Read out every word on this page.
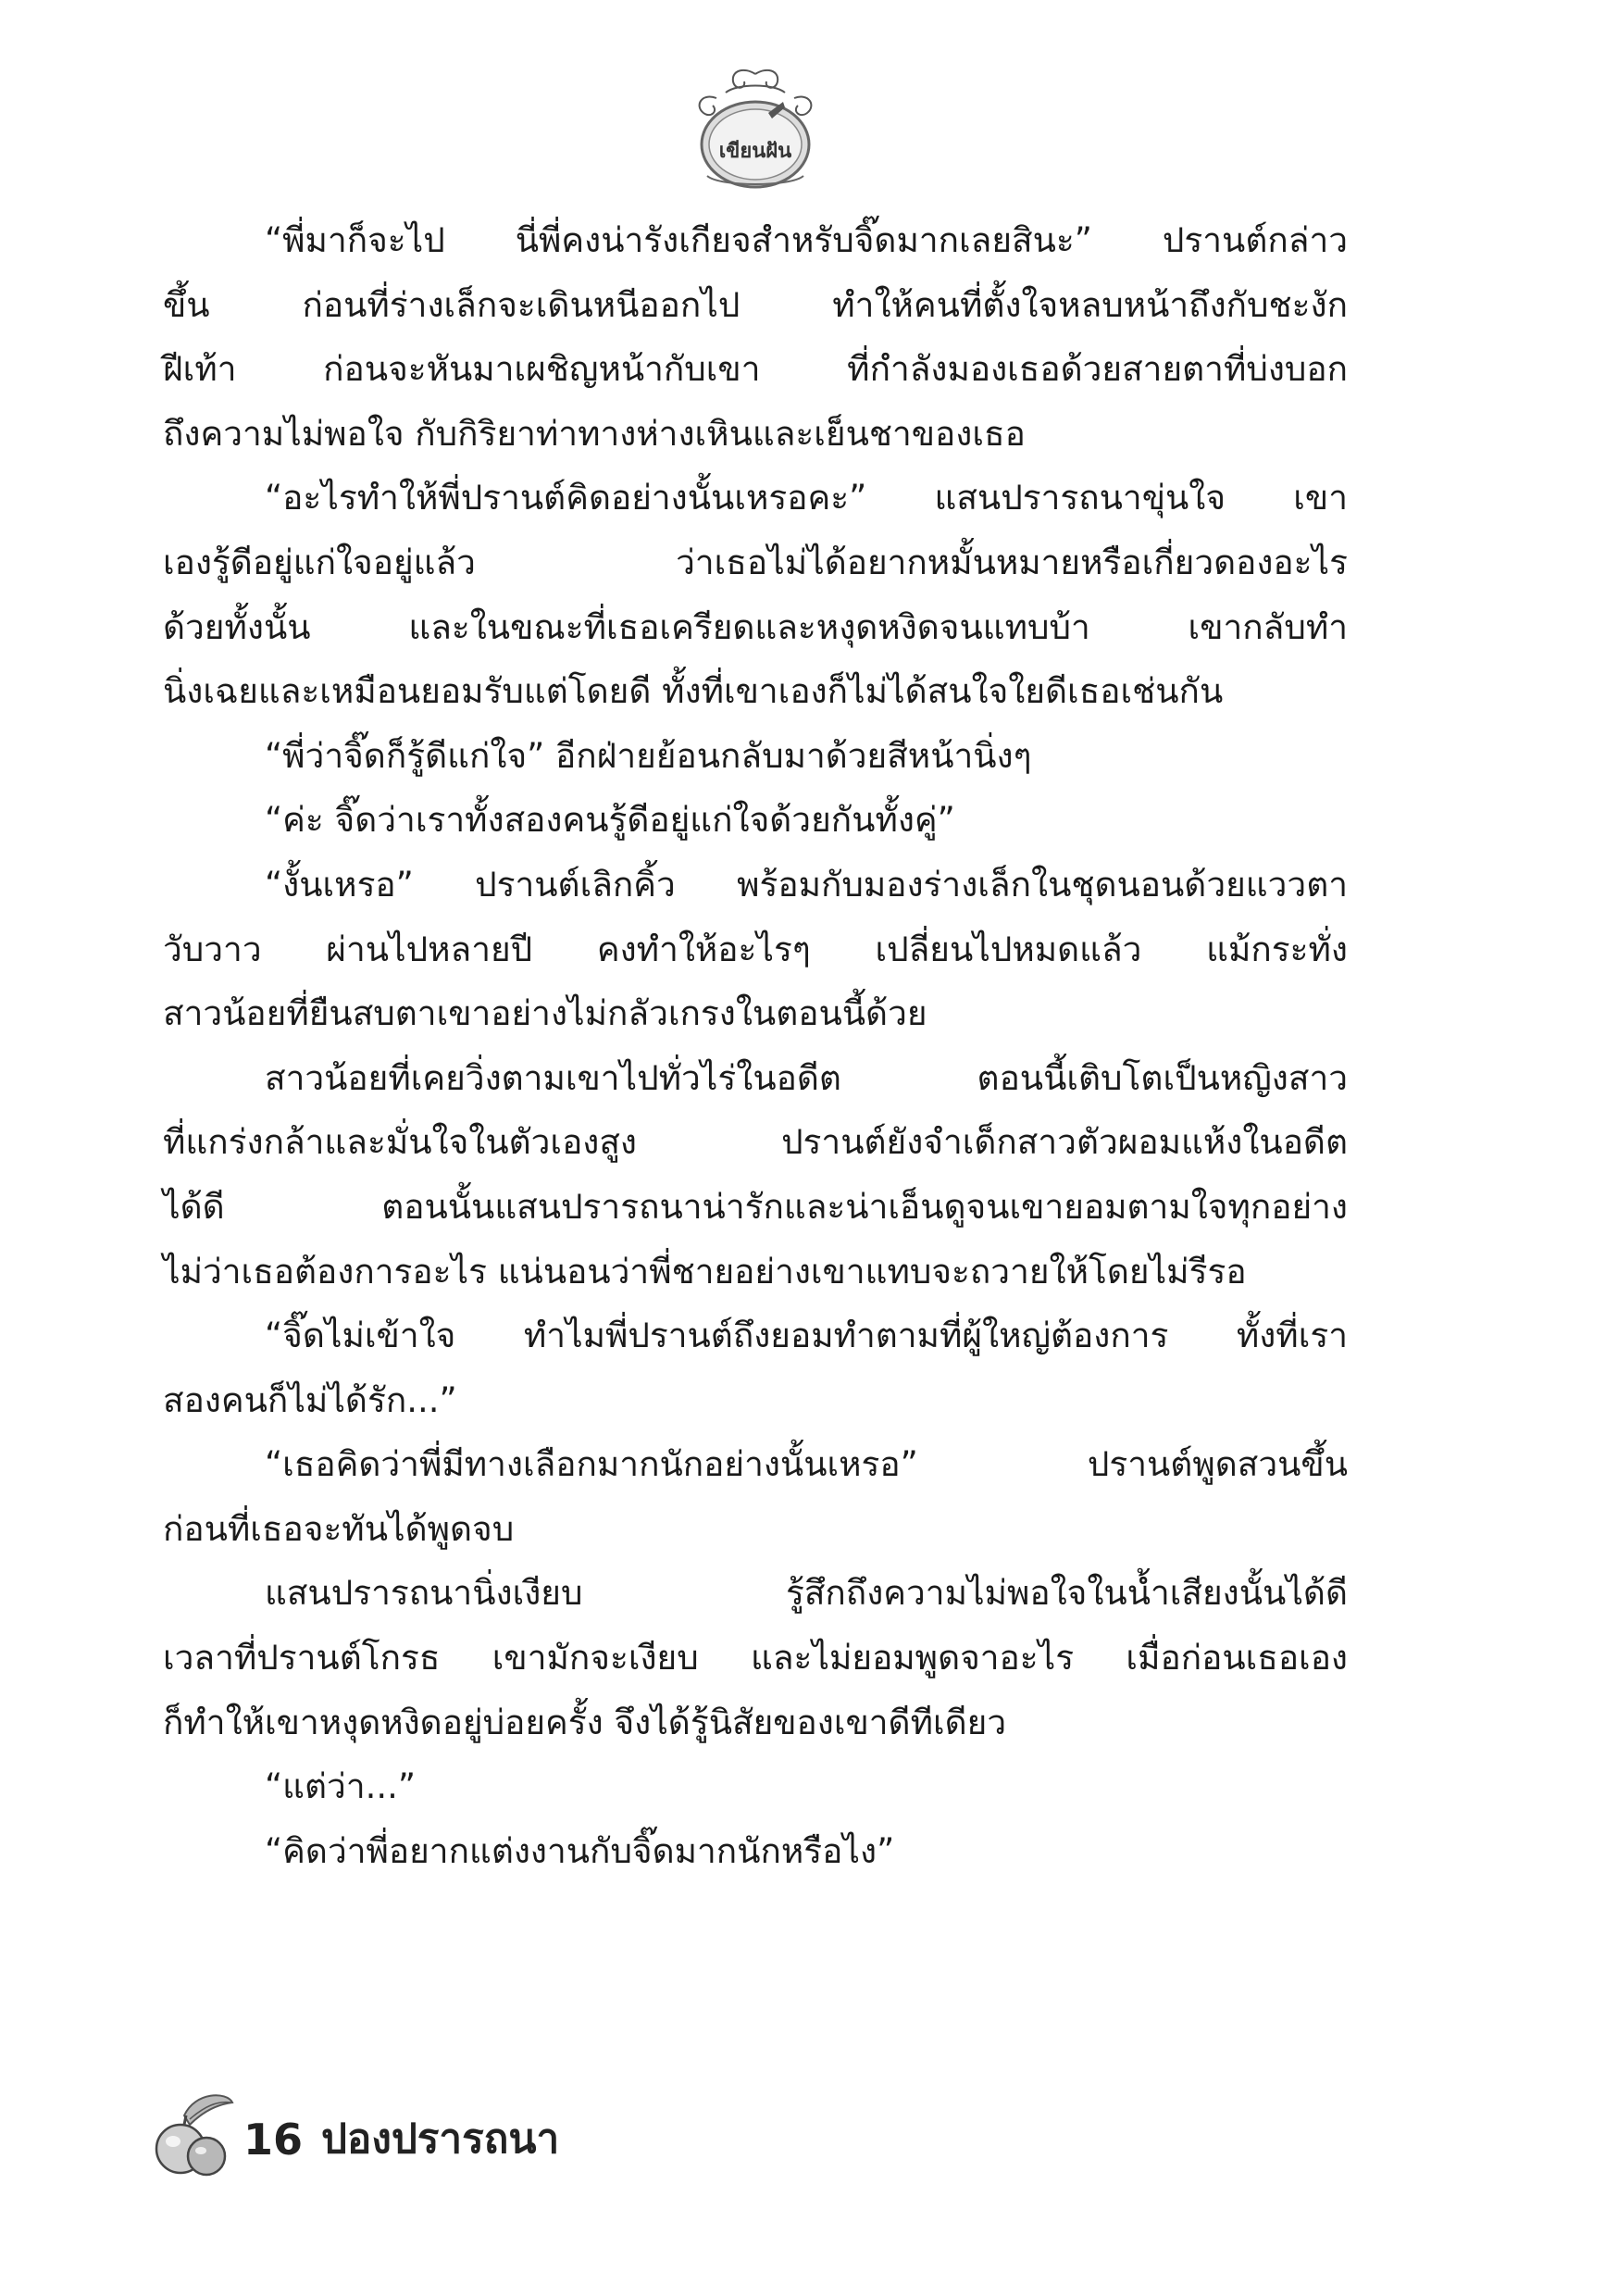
เขียนฝัน
“พี่มาก็จะไป นี่พี่คงน่ารังเกียจสำหรับจิ๊ดมากเลยสินะ” ปรานต์กล่าว
ขึ้น ก่อนที่ร่างเล็กจะเดินหนีออกไป ทำให้คนที่ตั้งใจหลบหน้าถึงกับชะงัก
ฝีเท้า ก่อนจะหันมาเผชิญหน้ากับเขา ที่กำลังมองเธอด้วยสายตาที่บ่งบอก
ถึงความไม่พอใจ กับกิริยาท่าทางห่างเหินและเย็นชาของเธอ
“อะไรทำให้พี่ปรานต์คิดอย่างนั้นเหรอคะ” แสนปรารถนาขุ่นใจ เขา
เองรู้ดีอยู่แก่ใจอยู่แล้ว ว่าเธอไม่ได้อยากหมั้นหมายหรือเกี่ยวดองอะไร
ด้วยทั้งนั้น และในขณะที่เธอเครียดและหงุดหงิดจนแทบบ้า เขากลับทำ
นิ่งเฉยและเหมือนยอมรับแต่โดยดี ทั้งที่เขาเองก็ไม่ได้สนใจใยดีเธอเช่นกัน
“พี่ว่าจิ๊ดก็รู้ดีแก่ใจ” อีกฝ่ายย้อนกลับมาด้วยสีหน้านิ่งๆ
“ค่ะ จิ๊ดว่าเราทั้งสองคนรู้ดีอยู่แก่ใจด้วยกันทั้งคู่”
“งั้นเหรอ” ปรานต์เลิกคิ้ว พร้อมกับมองร่างเล็กในชุดนอนด้วยแววตา
วับวาว ผ่านไปหลายปี คงทำให้อะไรๆ เปลี่ยนไปหมดแล้ว แม้กระทั่ง
สาวน้อยที่ยืนสบตาเขาอย่างไม่กลัวเกรงในตอนนี้ด้วย
สาวน้อยที่เคยวิ่งตามเขาไปทั่วไร่ในอดีต ตอนนี้เติบโตเป็นหญิงสาว
ที่แกร่งกล้าและมั่นใจในตัวเองสูง ปรานต์ยังจำเด็กสาวตัวผอมแห้งในอดีต
ได้ดี ตอนนั้นแสนปรารถนาน่ารักและน่าเอ็นดูจนเขายอมตามใจทุกอย่าง
ไม่ว่าเธอต้องการอะไร แน่นอนว่าพี่ชายอย่างเขาแทบจะถวายให้โดยไม่รีรอ
“จิ๊ดไม่เข้าใจ ทำไมพี่ปรานต์ถึงยอมทำตามที่ผู้ใหญ่ต้องการ ทั้งที่เรา
สองคนก็ไม่ได้รัก...”
“เธอคิดว่าพี่มีทางเลือกมากนักอย่างนั้นเหรอ” ปรานต์พูดสวนขึ้น
ก่อนที่เธอจะทันได้พูดจบ
แสนปรารถนานิ่งเงียบ รู้สึกถึงความไม่พอใจในน้ำเสียงนั้นได้ดี
เวลาที่ปรานต์โกรธ เขามักจะเงียบ และไม่ยอมพูดจาอะไร เมื่อก่อนเธอเอง
ก็ทำให้เขาหงุดหงิดอยู่บ่อยครั้ง จึงได้รู้นิสัยของเขาดีทีเดียว
“แต่ว่า...”
“คิดว่าพี่อยากแต่งงานกับจิ๊ดมากนักหรือไง”
16 ปองปรารถนา
